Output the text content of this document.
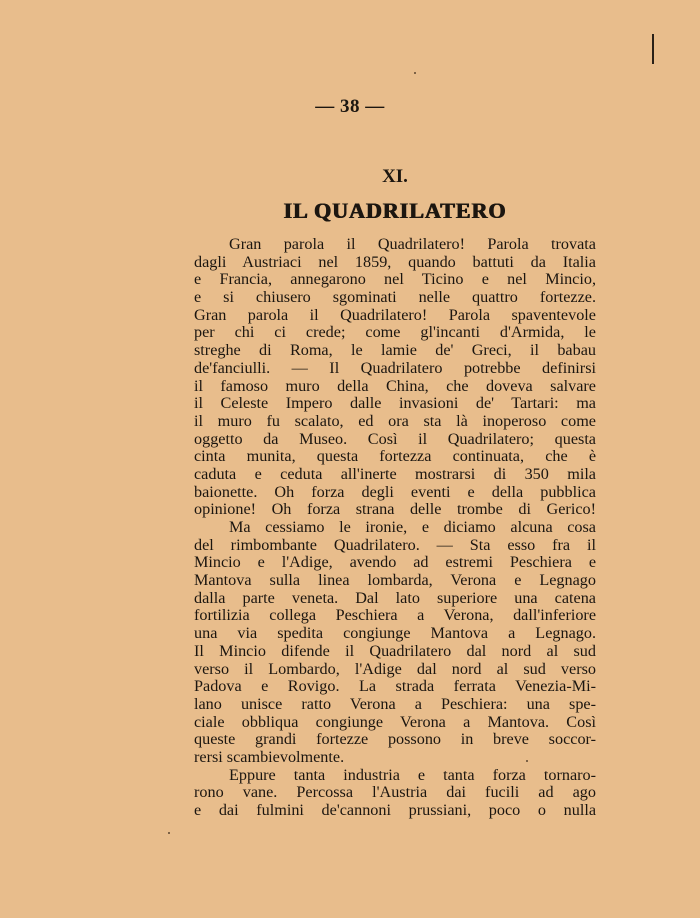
— 38 —
XI.
IL QUADRILATERO
Gran parola il Quadrilatero! Parola trovata
dagli Austriaci nel 1859, quando battuti da Italia
e Francia, annegarono nel Ticino e nel Mincio,
e si chiusero sgominati nelle quattro fortezze.
Gran parola il Quadrilatero! Parola spaventevole
per chi ci crede; come gl'incanti d'Armida, le
streghe di Roma, le lamie de' Greci, il babau
de'fanciulli. — Il Quadrilatero potrebbe definirsi
il famoso muro della China, che doveva salvare
il Celeste Impero dalle invasioni de' Tartari: ma
il muro fu scalato, ed ora sta là inoperoso come
oggetto da Museo. Così il Quadrilatero; questa
cinta munita, questa fortezza continuata, che è
caduta e ceduta all'inerte mostrarsi di 350 mila
baionette. Oh forza degli eventi e della pubblica
opinione! Oh forza strana delle trombe di Gerico!
Ma cessiamo le ironie, e diciamo alcuna cosa
del rimbombante Quadrilatero. — Sta esso fra il
Mincio e l'Adige, avendo ad estremi Peschiera e
Mantova sulla linea lombarda, Verona e Legnago
dalla parte veneta. Dal lato superiore una catena
fortilizia collega Peschiera a Verona, dall'inferiore
una via spedita congiunge Mantova a Legnago.
Il Mincio difende il Quadrilatero dal nord al sud
verso il Lombardo, l'Adige dal nord al sud verso
Padova e Rovigo. La strada ferrata Venezia-Mi-
lano unisce ratto Verona a Peschiera: una spe-
ciale obbliqua congiunge Verona a Mantova. Così
queste grandi fortezze possono in breve soccor-
rersi scambievolmente.
Eppure tanta industria e tanta forza tornaro-
rono vane. Percossa l'Austria dai fucili ad ago
e dai fulmini de'cannoni prussiani, poco o nulla
